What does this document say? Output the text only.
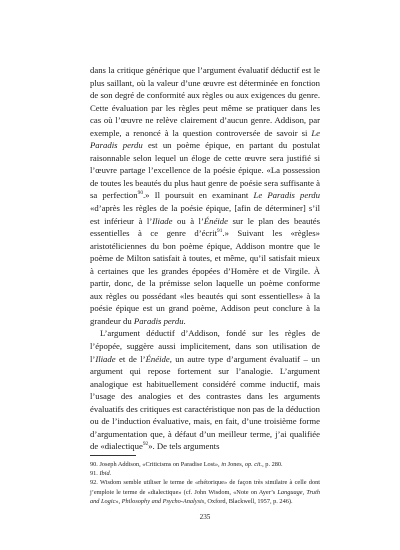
dans la critique générique que l’argument évaluatif déductif est le plus saillant, où la valeur d’une œuvre est déterminée en fonction de son degré de conformité aux règles ou aux exigences du genre. Cette évaluation par les règles peut même se pratiquer dans les cas où l’œuvre ne relève clairement d’aucun genre. Addison, par exemple, a renoncé à la question controversée de savoir si Le Paradis perdu est un poème épique, en partant du postulat raisonnable selon lequel un éloge de cette œuvre sera justifié si l’œuvre partage l’excellence de la poésie épique. «La possession de toutes les beautés du plus haut genre de poésie sera suffisante à sa perfection$^{90}$.» Il poursuit en examinant Le Paradis perdu «d’après les règles de la poésie épique, [afin de déterminer] s’il est inférieur à l’Iliade ou à l’Énéide sur le plan des beautés essentielles à ce genre d’écrit$^{91}$.» Suivant les «règles» aristotéliciennes du bon poème épique, Addison montre que le poème de Milton satisfait à toutes, et même, qu’il satisfait mieux à certaines que les grandes épopées d’Homère et de Virgile. À partir, donc, de la prémisse selon laquelle un poème conforme aux règles ou possédant «les beautés qui sont essentielles» à la poésie épique est un grand poème, Addison peut conclure à la grandeur du Paradis perdu.

L’argument déductif d’Addison, fondé sur les règles de l’épopée, suggère aussi implicitement, dans son utilisation de l’Iliade et de l’Énéide, un autre type d’argument évaluatif – un argument qui repose fortement sur l’analogie. L’argument analogique est habituellement considéré comme inductif, mais l’usage des analogies et des contrastes dans les arguments évaluatifs des critiques est caractéristique non pas de la déduction ou de l’induction évaluative, mais, en fait, d’une troisième forme d’argumentation que, à défaut d’un meilleur terme, j’ai qualifiée de «dialectique$^{92}$». De tels arguments

90. Joseph Addison, «Criticisms on Paradise Lost», in Jones, op. cit., p. 280.

91. Ibid.

92. Wisdom semble utiliser le terme de «rhétorique» de façon très similaire à celle dont j’emploie le terme de «dialectique» (cf. John Wisdom, «Note on Ayer’s Language, Truth and Logic», Philosophy and Psycho-Analysis, Oxford, Blackwell, 1957, p. 246).

235
